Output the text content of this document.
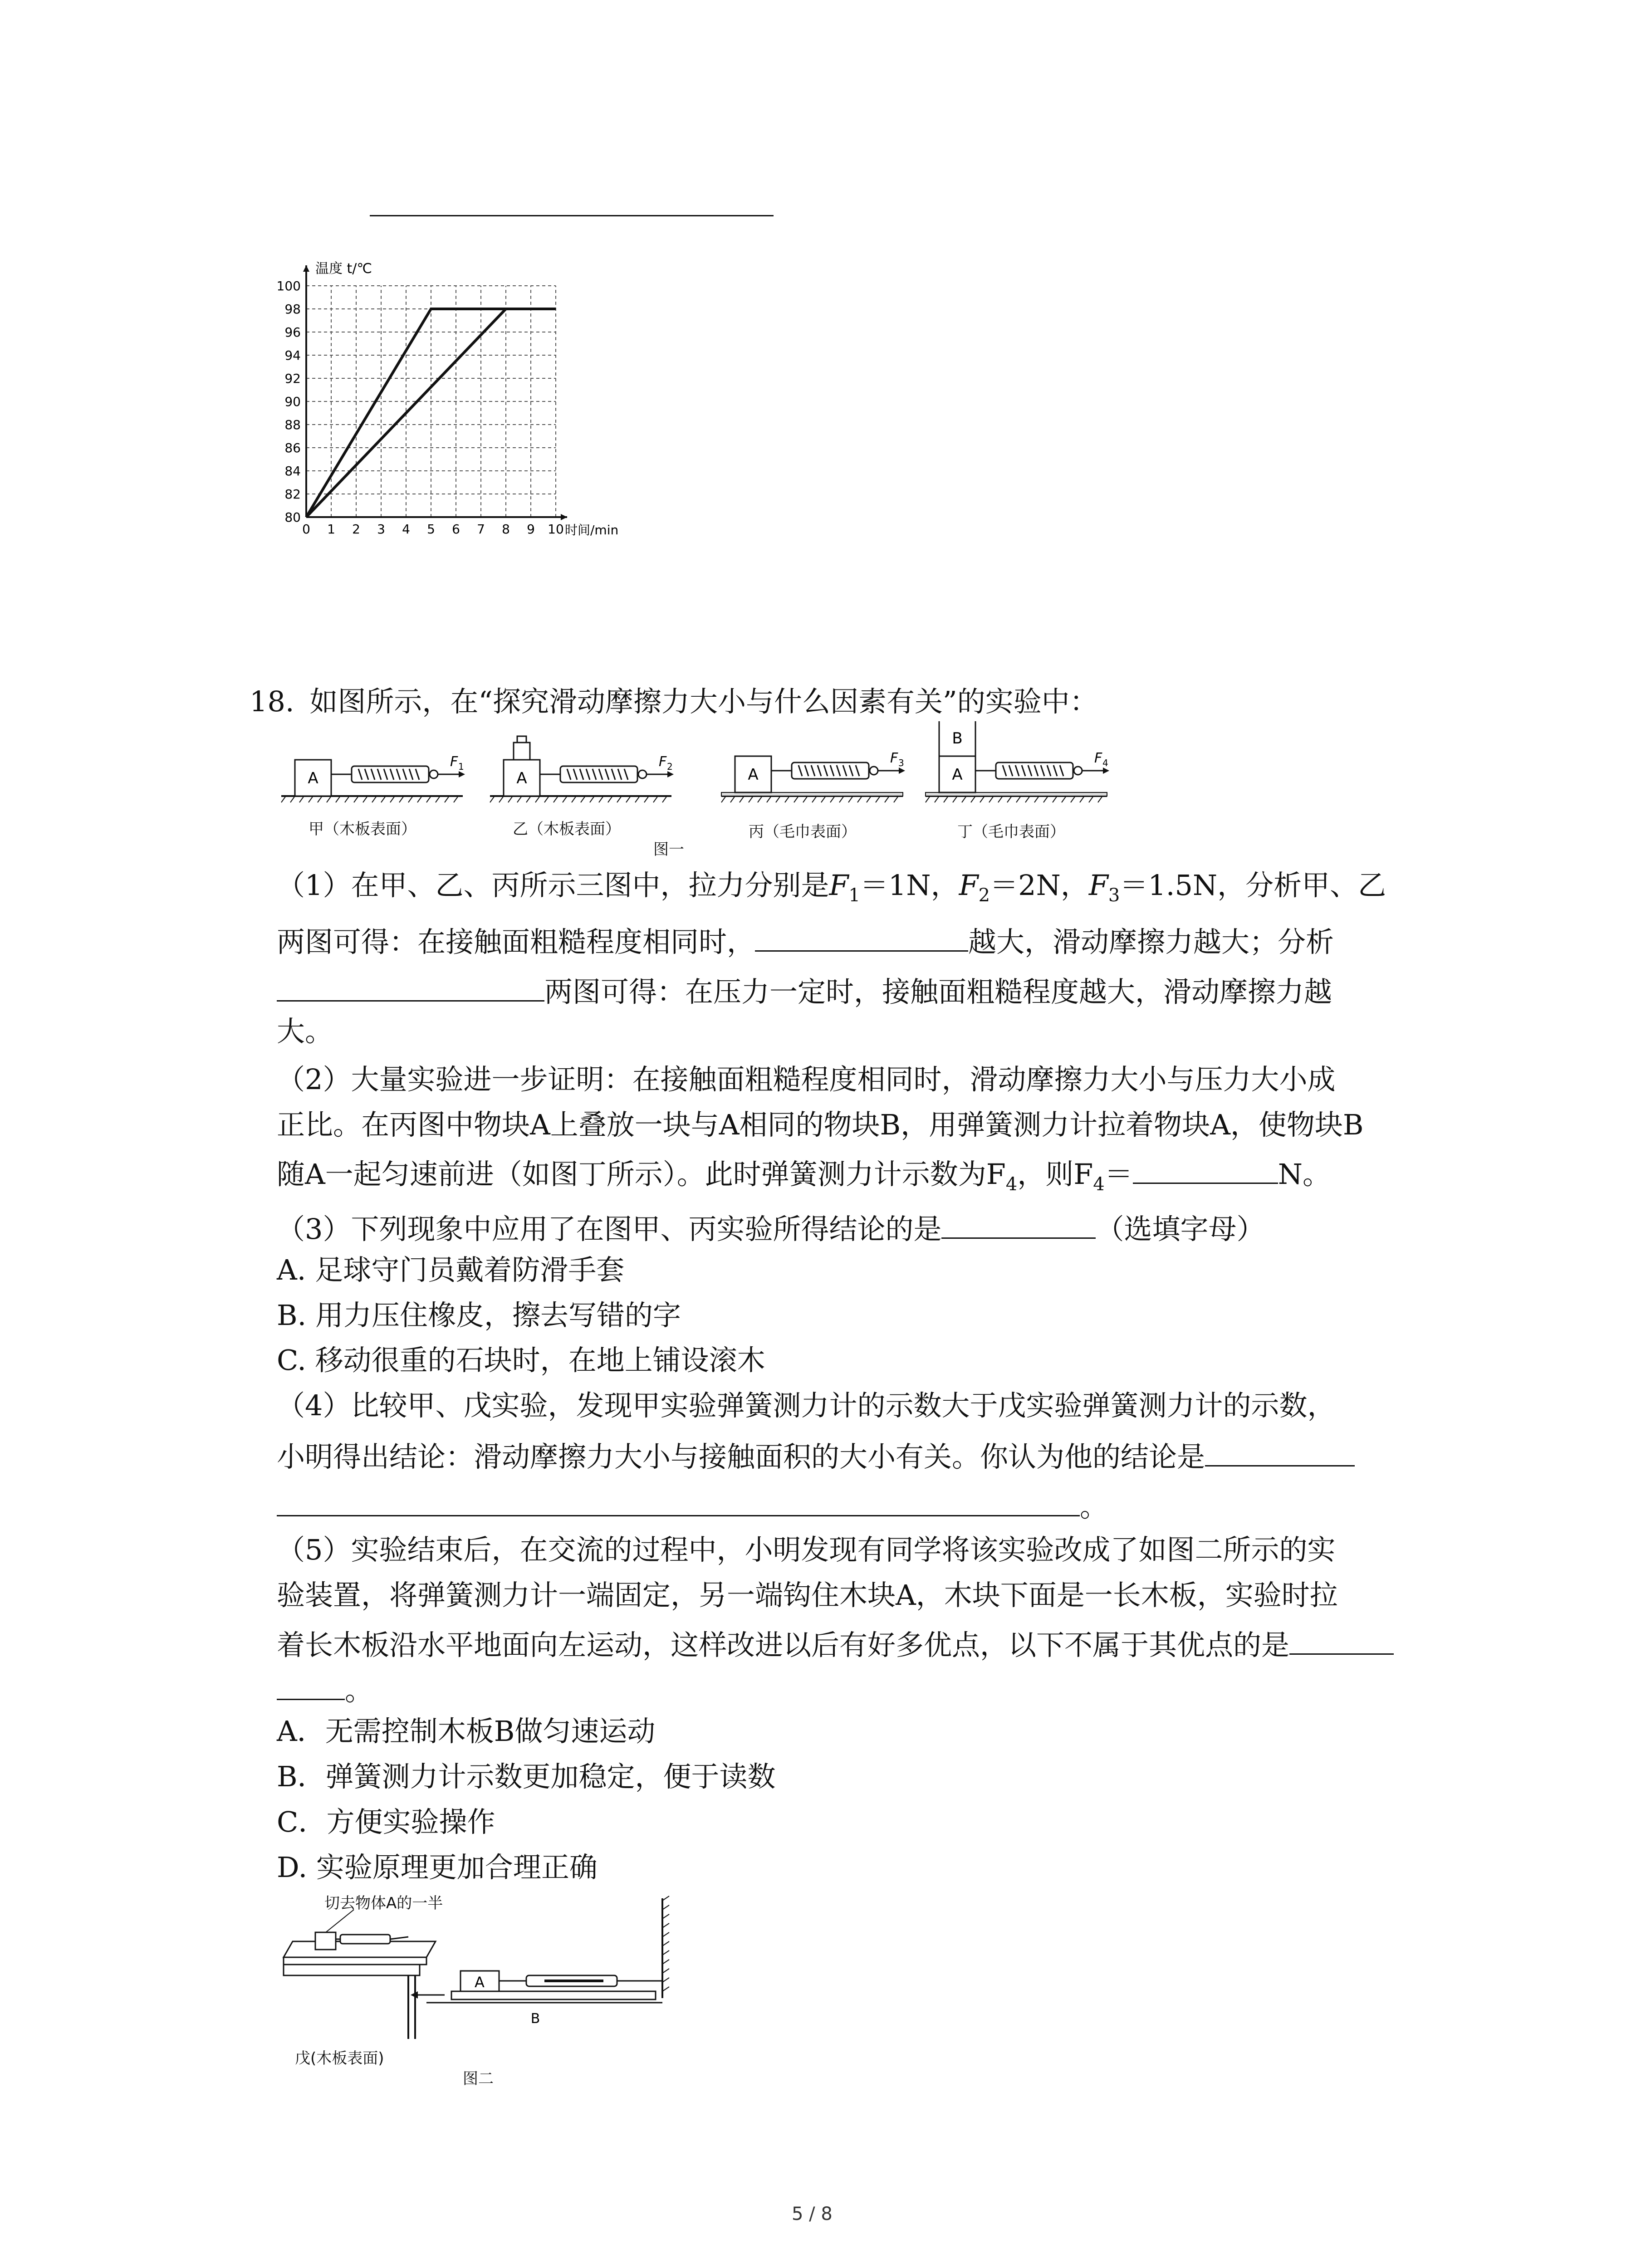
0 1 2 3 4 5 6 7 8 9 10
80
82
84
86
88
90
92
94
96
98
100
温度 t/℃
时间/min
18. 如图所示，在“探究滑动摩擦力大小与什么因素有关”的实验中：
A
F 1
A
F 2	A
F 3
A
B
F 4
甲（木板表面）	乙（木板表面）	丙（毛巾表面）	丁（毛巾表面）
图一
（1）在甲、乙、丙所示三图中，拉力分别是$F_1=1N$，$F_2=2N$，$F_3=1.5N$，分析甲、乙
两图可得：在接触面粗糙程度相同时，	越大，滑动摩擦力越大；分析
两图可得：在压力一定时，接触面粗糙程度越大，滑动摩擦力越
大。
（2）大量实验进一步证明：在接触面粗糙程度相同时，滑动摩擦力大小与压力大小成
正比。在丙图中物块A上叠放一块与A相同的物块B，用弹簧测力计拉着物块A，使物块B
随A一起匀速前进（如图丁所示）。此时弹簧测力计示数为$F_4$，则$F_4=$	N。
（3）下列现象中应用了在图甲、丙实验所得结论的是	（选填字母）
A. 足球守门员戴着防滑手套
B. 用力压住橡皮，擦去写错的字
C. 移动很重的石块时，在地上铺设滚木
（4）比较甲、戊实验，发现甲实验弹簧测力计的示数大于戊实验弹簧测力计的示数，
小明得出结论：滑动摩擦力大小与接触面积的大小有关。你认为他的结论是
。
（5）实验结束后，在交流的过程中，小明发现有同学将该实验改成了如图二所示的实
验装置，将弹簧测力计一端固定，另一端钩住木块A，木块下面是一长木板，实验时拉
着长木板沿水平地面向左运动，这样改进以后有好多优点，以下不属于其优点的是
。
A．无需控制木板B做匀速运动
B．弹簧测力计示数更加稳定，便于读数
C．方便实验操作
D. 实验原理更加合理正确
A
B
切去物体A的一半
戊(木板表面)
图二
5 / 8
